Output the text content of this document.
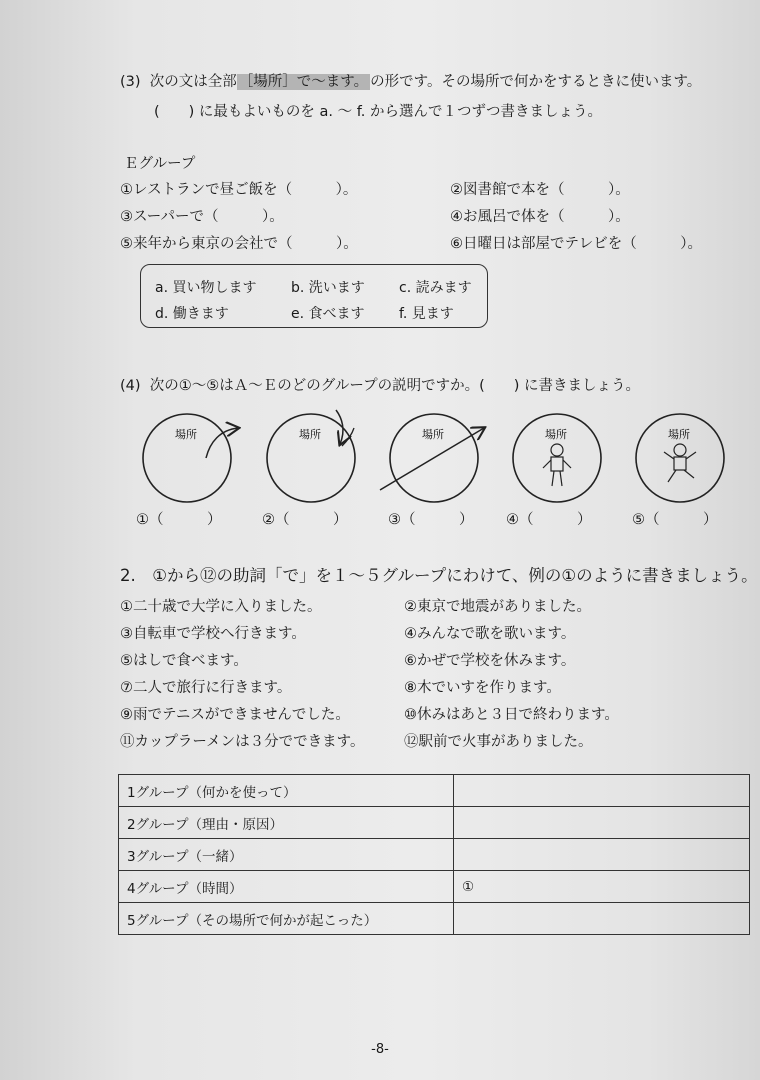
(3) 次の文は全部 ［場所］で～ます。 の形です。その場所で何かをするときに使います。
(　　) に最もよいものを a. ～ f. から選んで１つずつ書きましょう。
Ｅグループ
①レストランで昼ご飯を（　　　）。	②図書館で本を（　　　）。
③スーパーで（　　　）。	④お風呂で体を（　　　）。
⑤来年から東京の会社で（　　　）。	⑥日曜日は部屋でテレビを（　　　）。
a. 買い物します b. 洗います c. 読みます
d. 働きます	e. 食べます f. 見ます
(4) 次の①～⑤はＡ～Ｅのどのグループの説明ですか。(　　) に書きましょう。
場所	場所	場所	場所	場所
①（　　　）	②（　　　）	③（　　　） ④（　　　）	⑤（　　　）
2.　①から⑫の助詞「で」を１～５グループにわけて、例の①のように書きましょう。
①二十歳で大学に入りました。	②東京で地震がありました。
③自転車で学校へ行きます。	④みんなで歌を歌います。
⑤はしで食べます。	⑥かぜで学校を休みます。
⑦二人で旅行に行きます。	⑧木でいすを作ります。
⑨雨でテニスができませんでした。	⑩休みはあと３日で終わります。
⑪カップラーメンは３分でできます。	⑫駅前で火事がありました。
1グループ（何かを使って）	
2グループ（理由・原因）	
3グループ（一緒）	
4グループ（時間）	①
5グループ（その場所で何かが起こった）	
-8-
